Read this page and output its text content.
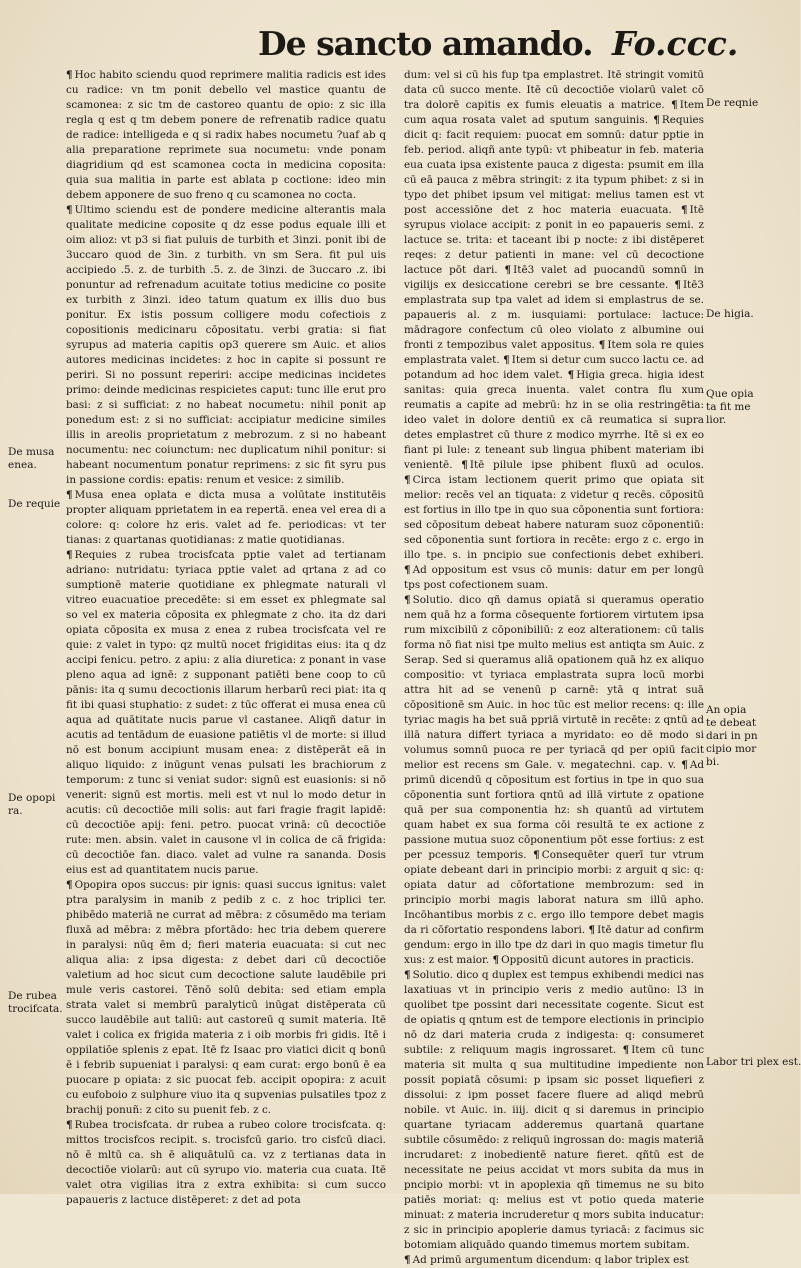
De sancto amando. Fo.ccc.
De musa
enea.
De requie
De opopi
ra.
De rubea
trocifcata.
De reqnie
De higia.
Que opia
ta fit me
lior.
An opia
te debeat
dari in pn
cipio mor
bi.
Labor tri plex est.

¶ Hoc habito sciendu quod reprimere malitia radicis est ides cu radice: vn tm ponit debello vel mastice quantu de scamonea: z sic tm de castoreo quantu de opio: z sic illa regla q est q tm debem ponere de refrenatib radice quatu de radice: intelligeda e q si radix habes nocumetu ?uaf ab q alia preparatione reprimete sua nocumetu: vnde ponam diagridium qd est scamonea cocta in medicina coposita: quia sua malitia in parte est ablata p coctione: ideo min debem apponere de suo freno q cu scamonea no cocta.

¶ Ultimo sciendu est de pondere medicine alterantis mala qualitate medicine coposite q dz esse podus equale illi et oim alioz: vt p3 si fiat puluis de turbith et 3inzi. ponit ibi de 3uccaro quod de 3in. z turbith. vn sm Sera. fit pul uis accipiedo .5. z. de turbith .5. z. de 3inzi. de 3uccaro .z. ibi ponuntur ad refrenadum acuitate totius medicine co posite ex turbith z 3inzi. ideo tatum quatum ex illis duo bus ponitur. Ex istis possum colligere modu cofectiois z copositionis medicinaru cōpositatu. verbi gratia: si fiat syrupus ad materia capitis op3 querere sm Auic. et alios autores medicinas incidetes: z hoc in capite si possunt re periri. Si no possunt reperiri: accipe medicinas incidetes primo: deinde medicinas respicietes caput: tunc ille erut pro basi: z si sufficiat: z no habeat nocumetu: nihil ponit ap ponedum est: z si no sufficiat: accipiatur medicine similes illis in areolis proprietatum z mebrozum. z si no habeant nocumentu: nec coiunctum: nec duplicatum nihil ponitur: si habeant nocumentum ponatur reprimens: z sic fit syru pus in passione cordis: epatis: renum et vesice: z similib.

¶ Musa enea oplata e dicta musa a volūtate institutēis propter aliquam pprietatem in ea repertā. enea vel erea di a colore: q: colore hz eris. valet ad fe. periodicas: vt ter tianas: z quartanas quotidianas: z matie quotidianas.

¶ Requies z rubea trocisfcata pptie valet ad tertianam adriano: nutridatu: tyriaca pptie valet ad qrtana z ad co sumptionē materie quotidiane ex phlegmate naturali vl vitreo euacuatioe precedēte: si em esset ex phlegmate sal so vel ex materia cōposita ex phlegmate z cho. ita dz dari opiata cōposita ex musa z enea z rubea trocisfcata vel re quie: z valet in typo: qz multū nocet frigiditas eius: ita q dz accipi fenicu. petro. z apiu: z alia diuretica: z ponant in vase pleno aqua ad ignē: z supponant patiēti bene coop to cū pānis: ita q sumu decoctionis illarum herbarū reci piat: ita q fit ibi quasi stuphatio: z sudet: z tūc offerat ei musa enea cū aqua ad quātitate nucis parue vl castanee. Aliqñ datur in acutis ad tentādum de euasione patiētis vl de morte: si illud nō est bonum accipiunt musam enea: z distēperāt eā in aliquo liquido: z inūgunt venas pulsati les brachiorum z temporum: z tunc si veniat sudor: signū est euasionis: si nō venerit: signū est mortis. meli est vt nul lo modo detur in acutis: cū decoctiōe mili solis: aut fari fragie fragit lapidē: cū decoctiōe apij: feni. petro. puocat vrinā: cū decoctiōe rute: men. absin. valet in causone vl in colica de cā frigida: cū decoctiōe fan. diaco. valet ad vulne ra sananda. Dosis eius est ad quantitatem nucis parue.

¶ Opopira opos succus: pir ignis: quasi succus ignitus: valet ptra paralysim in manib z pedib z c. z hoc triplici ter. phibēdo materiā ne currat ad mēbra: z cōsumēdo ma teriam fluxā ad mēbra: z mēbra pfortādo: hec tria debem querere in paralysi: nūq ēm d; fieri materia euacuata: si cut nec aliqua alia: z ipsa digesta: z debet dari cū decoctiōe valetium ad hoc sicut cum decoctione salute laudēbile pri mule veris castorei. Tēnō solū debita: sed etiam empla strata valet si membrū paralyticū inūgat distēperata cū succo laudēbile aut taliū: aut castoreū q sumit materia. Itē valet i colica ex frigida materia z i oib morbis fri gidis. Itē i oppilatiōe splenis z epat. Itē fz Isaac pro viatici dicit q bonū ē i febrib supueniat i paralysi: q eam curat: ergo bonū ē ea puocare p opiata: z sic puocat feb. accipit opopira: z acuit cu eufoboio z sulphure viuo ita q supvenias pulsatiles tpoz z brachij ponuñ: z cito su puenit feb. z c.

¶ Rubea trocisfcata. dr rubea a rubeo colore trocisfcata. q: mittos trocisfcos recipit. s. trocisfcū gario. tro cisfcū diaci. nō ē mltū ca. sh ē aliquātulū ca. vz z tertianas data in decoctiōe violarū: aut cū syrupo vio. materia cua cuata. Itē valet otra vigilias itra z extra exhibita: si cum succo papaueris z lactuce distēperet: z det ad pota

dum: vel si cū his fup tpa emplastret. Itē stringit vomitū data cū succo mente. Itē cū decoctiōe violarū valet cō tra dolorē capitis ex fumis eleuatis a matrice. ¶ Item cum aqua rosata valet ad sputum sanguinis. ¶ Requies dicit q: facit requiem: puocat em somnū: datur pptie in feb. period. aliqñ ante typū: vt phibeatur in feb. materia eua cuata ipsa existente pauca z digesta: psumit em illa cū eā pauca z mēbra stringit: z ita typum phibet: z si in typo det phibet ipsum vel mitigat: melius tamen est vt post accessiōne det z hoc materia euacuata. ¶ Itē syrupus violace accipit: z ponit in eo papaueris semi. z lactuce se. trita: et taceant ibi p nocte: z ibi distēperet reqes: z detur patienti in mane: vel cū decoctione lactuce pōt dari. ¶ Itē3 valet ad puocandū somnū in vigilijs ex desiccatione cerebri se bre cessante. ¶ Itē3 emplastrata sup tpa valet ad idem si emplastrus de se. papaueris al. z m. iusquiami: portulace: lactuce: mādragore confectum cū oleo violato z albumine oui fronti z tempozibus valet appositus. ¶ Item sola re quies emplastrata valet. ¶ Item si detur cum succo lactu ce. ad potandum ad hoc idem valet. ¶ Higia greca. higia idest sanitas: quia greca inuenta. valet contra flu xum reumatis a capite ad mebrū: hz in se olia restringētia: ideo valet in dolore dentiū ex cā reumatica si supra detes emplastret cū thure z modico myrrhe. Itē si ex eo fiant pi lule: z teneant sub lingua phibent materiam ibi venientē. ¶ Itē pilule ipse phibent fluxū ad oculos. ¶ Circa istam lectionem querit primo que opiata sit melior: recēs vel an tiquata: z videtur q recēs. cōpositū est fortius in illo tpe in quo sua cōponentia sunt fortiora: sed cōpositum debeat habere naturam suoz cōponentiū: sed cōponentia sunt fortiora in recēte: ergo z c. ergo in illo tpe. s. in pncipio sue confectionis debet exhiberi. ¶ Ad oppositum est vsus cō munis: datur em per longū tps post cofectionem suam.

¶ Solutio. dico qñ damus opiatā si queramus operatio nem quā hz a forma cōsequente fortiorem virtutem ipsa rum mixcibilū z cōponibiliū: z eoz alterationem: cū talis forma nō fiat nisi tpe multo melius est antiqta sm Auic. z Serap. Sed si queramus aliā opationem quā hz ex aliquo compositio: vt tyriaca emplastrata supra locū morbi attra hit ad se venenū p carnē: ytā q intrat suā cōpositionē sm Auic. in hoc tūc est melior recens: q: ille tyriac magis ha bet suā ppriā virtutē in recēte: z qntū ad illā natura differt tyriaca a myridato: eo dē modo si volumus somnū puoca re per tyriacā qd per opiū facit melior est recens sm Gale. v. megatechni. cap. v. ¶ Ad primū dicendū q cōpositum est fortius in tpe in quo sua cōponentia sunt fortiora qntū ad illā virtute z opatione quā per sua componentia hz: sh quantū ad virtutem quam habet ex sua forma cōi resultā te ex actione z passione mutua suoz cōponentium pōt esse fortius: z est per pcessuz temporis. ¶ Consequēter querī tur vtrum opiate debeant dari in principio morbi: z arguit q sic: q: opiata datur ad cōfortatione membrozum: sed in principio morbi magis laborat natura sm illū apho. Incōhantibus morbis z c. ergo illo tempore debet magis da ri cōfortatio respondens labori. ¶ Itē datur ad confirm gendum: ergo in illo tpe dz dari in quo magis timetur flu xus: z est maior. ¶ Oppositū dicunt autores in practicis.

¶ Solutio. dico q duplex est tempus exhibendi medici nas laxatiuas vt in principio veris z medio autūno: l3 in quolibet tpe possint dari necessitate cogente. Sicut est de opiatis q qntum est de tempore electionis in principio nō dz dari materia cruda z indigesta: q: consumeret subtile: z reliquum magis ingrossaret. ¶ Item cū tunc materia sit multa q sua multitudine impediente non possit popiatā cōsumi: p ipsam sic posset liquefieri z dissolui: z ipm posset facere fluere ad aliqd mebrū nobile. vt Auic. in. iiij. dicit q si daremus in principio quartane tyriacam adderemus quartanā quartane subtile cōsumēdo: z reliquū ingrossan do: magis materiā incrudaret: z inobedientē nature fieret. qñtū est de necessitate ne peius accidat vt mors subita da mus in pncipio morbi: vt in apoplexia qñ timemus ne su bito patiēs moriat: q: melius est vt potio queda materie minuat: z materia incruderetur q mors subita inducatur: z sic in principio apoplerie damus tyriacā: z facimus sic botomiam aliquādo quando timemus mortem subitam.

¶ Ad primū argumentum dicendum: q labor triplex est
